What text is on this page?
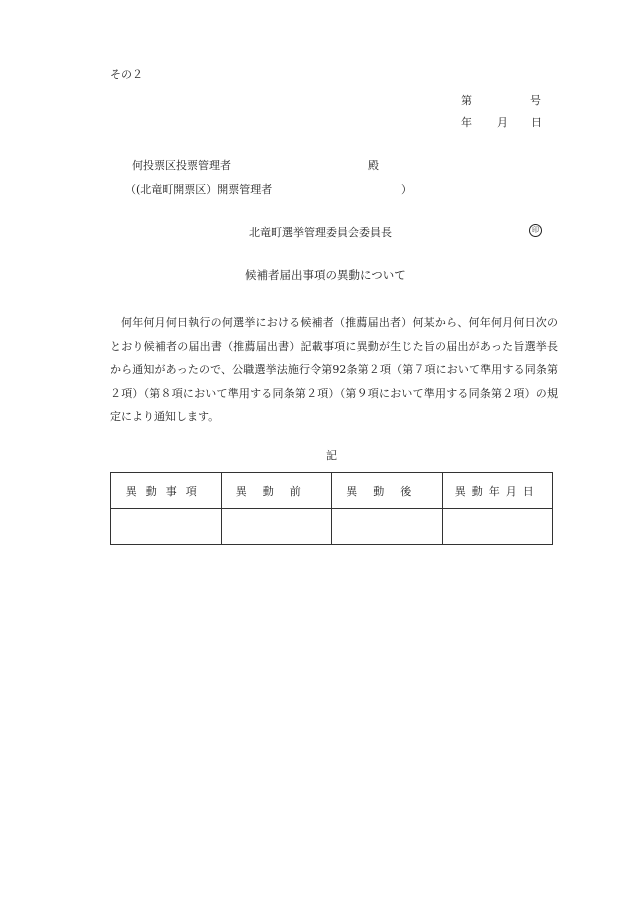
その２
第	号
年 月 日
何投票区投票管理者	殿
（(北竜町開票区）開票管理者	）
北竜町選挙管理委員会委員長	印
候補者届出事項の異動について
何年何月何日執行の何選挙における候補者（推薦届出者）何某から、何年何月何日次のとおり候補者の届出書（推薦届出書）記載事項に異動が生じた旨の届出があった旨選挙長から通知があったので、公職選挙法施行令第92条第２項（第７項において準用する同条第２項）（第８項において準用する同条第２項）（第９項において準用する同条第２項）の規定により通知します。
記
異動事項	異動前	異動後	異動年月日
